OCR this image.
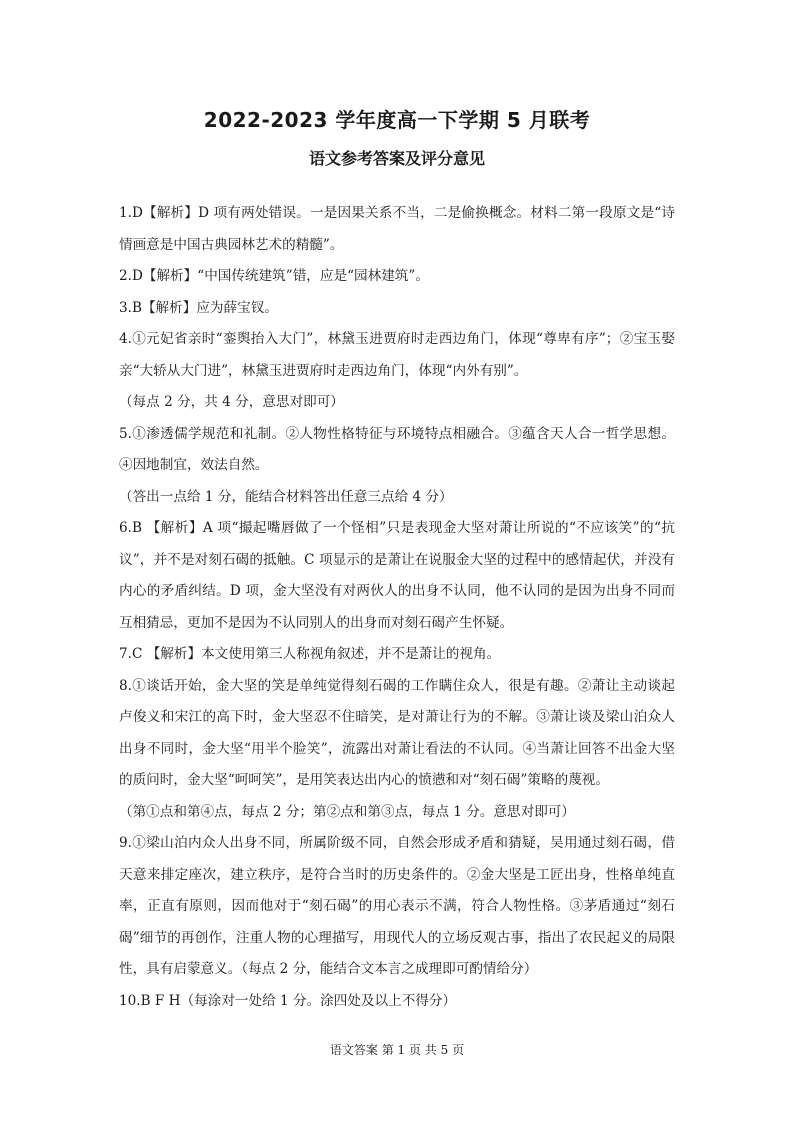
2022-2023 学年度高一下学期 5 月联考
语文参考答案及评分意见

1.D【解析】D 项有两处错误。一是因果关系不当，二是偷换概念。材料二第一段原文是“诗情画意是中国古典园林艺术的精髓”。

2.D【解析】“中国传统建筑”错，应是“园林建筑”。

3.B【解析】应为薛宝钗。

4.①元妃省亲时“銮舆抬入大门”，林黛玉进贾府时走西边角门，体现“尊卑有序”；②宝玉娶亲“大轿从大门进”，林黛玉进贾府时走西边角门，体现“内外有别”。

（每点 2 分，共 4 分，意思对即可）

5.①渗透儒学规范和礼制。②人物性格特征与环境特点相融合。③蕴含天人合一哲学思想。④因地制宜，效法自然。

（答出一点给 1 分，能结合材料答出任意三点给 4 分）

6.B 【解析】A 项“撮起嘴唇做了一个怪相”只是表现金大坚对萧让所说的“不应该笑”的“抗议”，并不是对刻石碣的抵触。C 项显示的是萧让在说服金大坚的过程中的感情起伏，并没有内心的矛盾纠结。D 项，金大坚没有对两伙人的出身不认同，他不认同的是因为出身不同而互相猜忌，更加不是因为不认同别人的出身而对刻石碣产生怀疑。

7.C 【解析】本文使用第三人称视角叙述，并不是萧让的视角。

8.①谈话开始，金大坚的笑是单纯觉得刻石碣的工作瞒住众人，很是有趣。②萧让主动谈起卢俊义和宋江的高下时，金大坚忍不住暗笑，是对萧让行为的不解。③萧让谈及梁山泊众人出身不同时，金大坚“用半个脸笑”，流露出对萧让看法的不认同。④当萧让回答不出金大坚的质问时，金大坚“呵呵笑”，是用笑表达出内心的愤懑和对“刻石碣”策略的蔑视。

（第①点和第④点，每点 2 分；第②点和第③点，每点 1 分。意思对即可）

9.①梁山泊内众人出身不同，所属阶级不同，自然会形成矛盾和猜疑，吴用通过刻石碣，借天意来排定座次，建立秩序，是符合当时的历史条件的。②金大坚是工匠出身，性格单纯直率，正直有原则，因而他对于“刻石碣”的用心表示不满，符合人物性格。③茅盾通过“刻石碣”细节的再创作，注重人物的心理描写，用现代人的立场反观古事，指出了农民起义的局限性，具有启蒙意义。（每点 2 分，能结合文本言之成理即可酌情给分）

10.B F H（每涂对一处给 1 分。涂四处及以上不得分）

语文答案 第 1 页 共 5 页
